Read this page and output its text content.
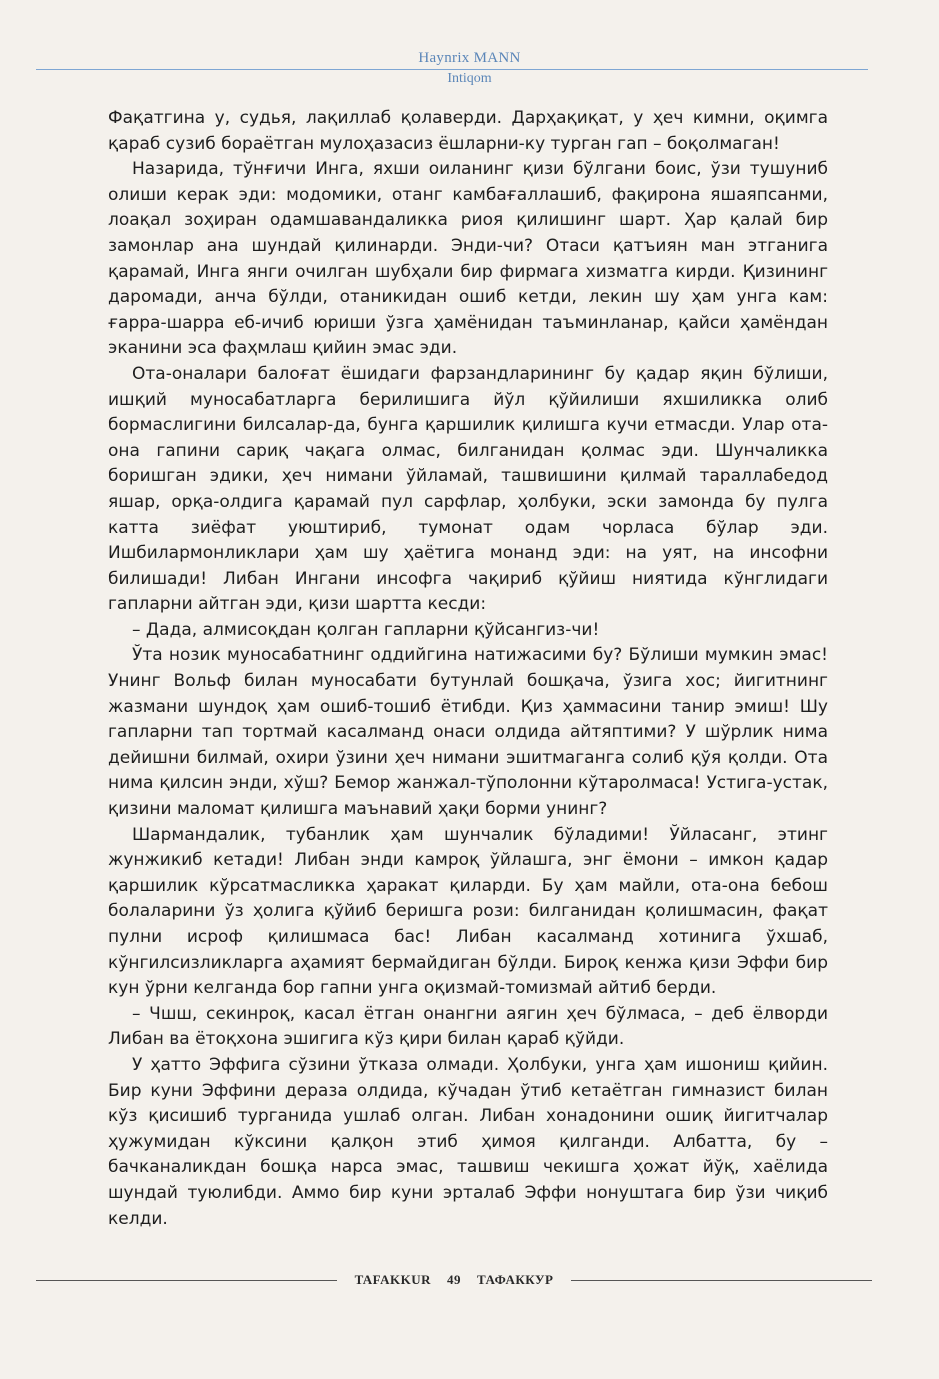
Haynrix MANN
Intiqom

Фақатгина у, судья, лақиллаб қолаверди. Дарҳақиқат, у ҳеч кимни, оқимга қараб сузиб бораётган мулоҳазасиз ёшларни-ку турган гап – боқолмаган!

Назарида, тўнғичи Инга, яхши оиланинг қизи бўлгани боис, ўзи тушуниб олиши керак эди: модомики, отанг камбағаллашиб, фақирона яшаяпсанми, лоақал зоҳиран одамшавандаликка риоя қилишинг шарт. Ҳар қалай бир замонлар ана шундай қилинарди. Энди-чи? Отаси қатъиян ман этганига қарамай, Инга янги очилган шубҳали бир фирмага хизматга кирди. Қизининг даромади, анча бўлди, отаникидан ошиб кетди, лекин шу ҳам унга кам: ғарра-шарра еб-ичиб юриши ўзга ҳамёнидан таъминланар, қайси ҳамёндан эканини эса фаҳмлаш қийин эмас эди.

Ота-оналари балоғат ёшидаги фарзандларининг бу қадар яқин бўлиши, ишқий муносабатларга берилишига йўл қўйилиши яхшиликка олиб бормаслигини билсалар-да, бунга қаршилик қилишга кучи етмасди. Улар ота-она гапини сариқ чақага олмас, билганидан қолмас эди. Шунчаликка боришган эдики, ҳеч нимани ўйламай, ташвишини қилмай тараллабедод яшар, орқа-олдига қарамай пул сарфлар, ҳолбуки, эски замонда бу пулга катта зиёфат уюштириб, тумонат одам чорласа бўлар эди. Ишбилармонликлари ҳам шу ҳаётига монанд эди: на уят, на инсофни билишади! Либан Ингани инсофга чақириб қўйиш ниятида кўнглидаги гапларни айтган эди, қизи шартта кесди:

– Дада, алмисоқдан қолган гапларни қўйсангиз-чи!

Ўта нозик муносабатнинг оддийгина натижасими бу? Бўлиши мумкин эмас! Унинг Вольф билан муносабати бутунлай бошқача, ўзига хос; йигитнинг жазмани шундоқ ҳам ошиб-тошиб ётибди. Қиз ҳаммасини танир эмиш! Шу гапларни тап тортмай касалманд онаси олдида айтяптими? У шўрлик нима дейишни билмай, охири ўзини ҳеч нимани эшитмаганга солиб қўя қолди. Ота нима қилсин энди, хўш? Бемор жанжал-тўполонни кўтаролмаса! Устига-устак, қизини маломат қилишга маънавий ҳақи борми унинг?

Шармандалик, тубанлик ҳам шунчалик бўладими! Ўйласанг, этинг жунжикиб кетади! Либан энди камроқ ўйлашга, энг ёмони – имкон қадар қаршилик кўрсатмасликка ҳаракат қиларди. Бу ҳам майли, ота-она бебош болаларини ўз ҳолига қўйиб беришга рози: билганидан қолишмасин, фақат пулни исроф қилишмаса бас! Либан касалманд хотинига ўхшаб, кўнгилсизликларга аҳамият бермайдиган бўлди. Бироқ кенжа қизи Эффи бир кун ўрни келганда бор гапни унга оқизмай-томизмай айтиб берди.

– Чшш, секинроқ, касал ётган онангни аягин ҳеч бўлмаса, – деб ёлворди Либан ва ётоқхона эшигига кўз қири билан қараб қўйди.

У ҳатто Эффига сўзини ўтказа олмади. Ҳолбуки, унга ҳам ишониш қийин. Бир куни Эффини дераза олдида, кўчадан ўтиб кетаётган гимназист билан кўз қисишиб турганида ушлаб олган. Либан хонадонини ошиқ йигитчалар ҳужумидан кўксини қалқон этиб ҳимоя қилганди. Албатта, бу – бачканаликдан бошқа нарса эмас, ташвиш чекишга ҳожат йўқ, хаёлида шундай туюлибди. Аммо бир куни эрталаб Эффи нонуштага бир ўзи чиқиб келди.

TAFAKKUR 49 ТАФАККУР
